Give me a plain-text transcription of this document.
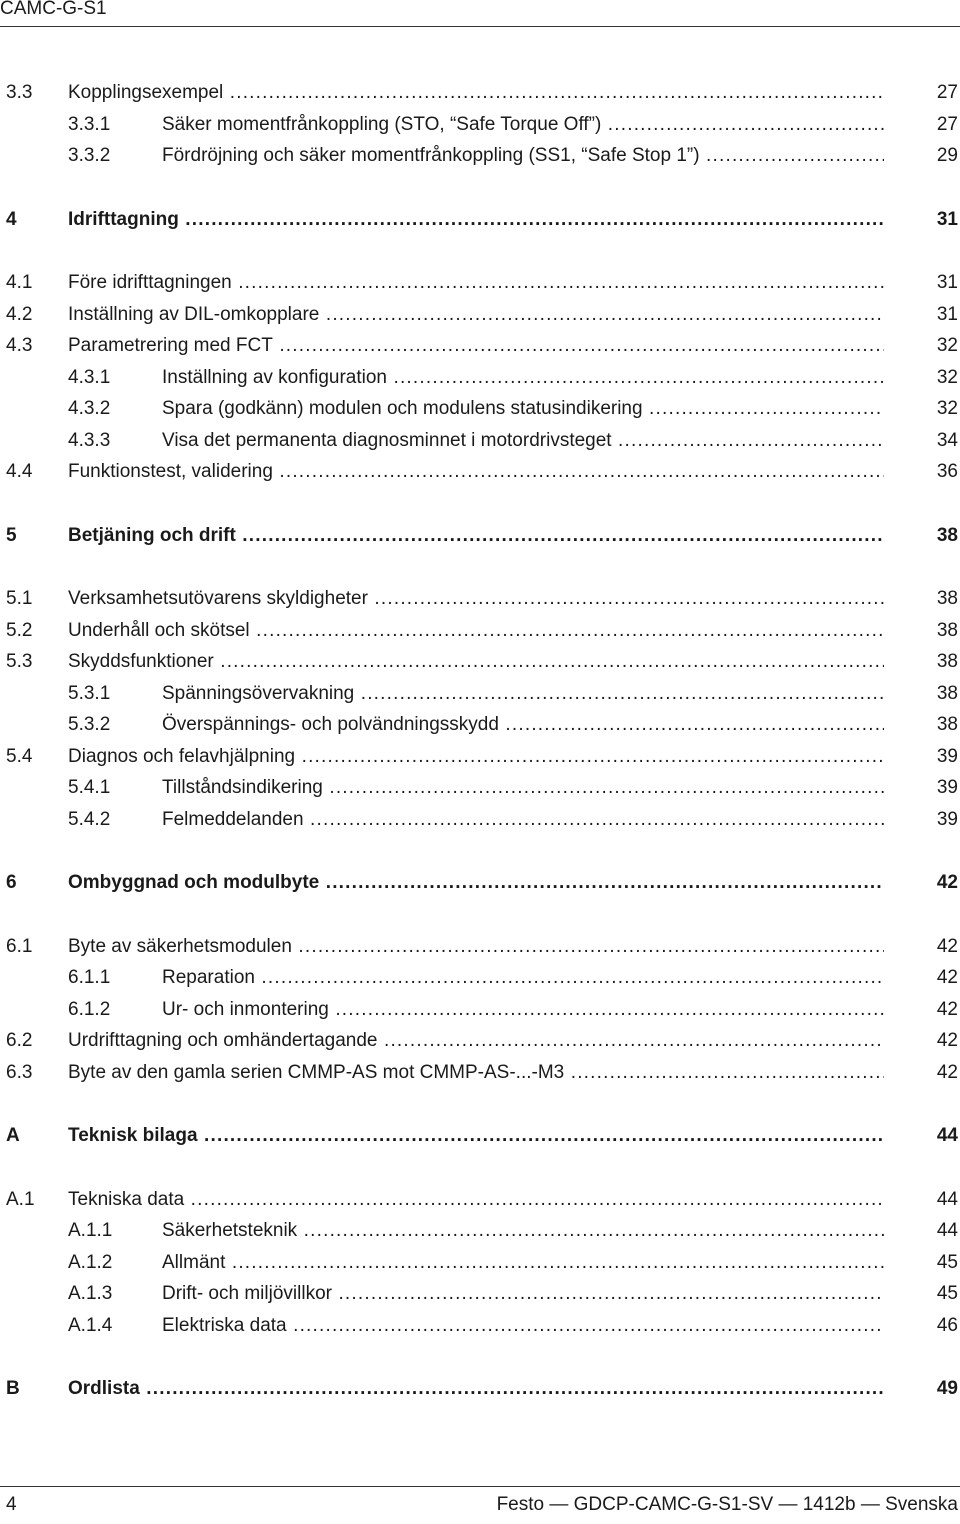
CAMC-G-S1
3.3 Kopplingsexempel .....	27
3.3.1	Säker momentfrånkoppling (STO, “Safe Torque Off”) .....	27
3.3.2	Fördröjning och säker momentfrånkoppling (SS1, “Safe Stop 1”) .....	29
4	Idrifttagning .....	31
4.1 Före idrifttagningen .....	31
4.2 Inställning av DIL-omkopplare .....	31
4.3 Parametrering med FCT .....	32
4.3.1	Inställning av konfiguration .....	32
4.3.2	Spara (godkänn) modulen och modulens statusindikering .....	32
4.3.3	Visa det permanenta diagnosminnet i motordrivsteget .....	34
4.4 Funktionstest, validering .....	36
5	Betjäning och drift .....	38
5.1 Verksamhetsutövarens skyldigheter .....	38
5.2 Underhåll och skötsel .....	38
5.3 Skyddsfunktioner .....	38
5.3.1	Spänningsövervakning .....	38
5.3.2	Överspännings- och polvändningsskydd .....	38
5.4 Diagnos och felavhjälpning .....	39
5.4.1	Tillståndsindikering .....	39
5.4.2	Felmeddelanden .....	39
6	Ombyggnad och modulbyte .....	42
6.1 Byte av säkerhetsmodulen .....	42
6.1.1	Reparation .....	42
6.1.2	Ur- och inmontering .....	42
6.2 Urdrifttagning och omhändertagande .....	42
6.3 Byte av den gamla serien CMMP-AS mot CMMP-AS-...-M3 .....	42
A	Teknisk bilaga .....	44
A.1 Tekniska data .....	44
A.1.1	Säkerhetsteknik .....	44
A.1.2	Allmänt .....	45
A.1.3	Drift- och miljövillkor .....	45
A.1.4	Elektriska data .....	46
B	Ordlista .....	49
4	Festo — GDCP-CAMC-G-S1-SV — 1412b — Svenska
